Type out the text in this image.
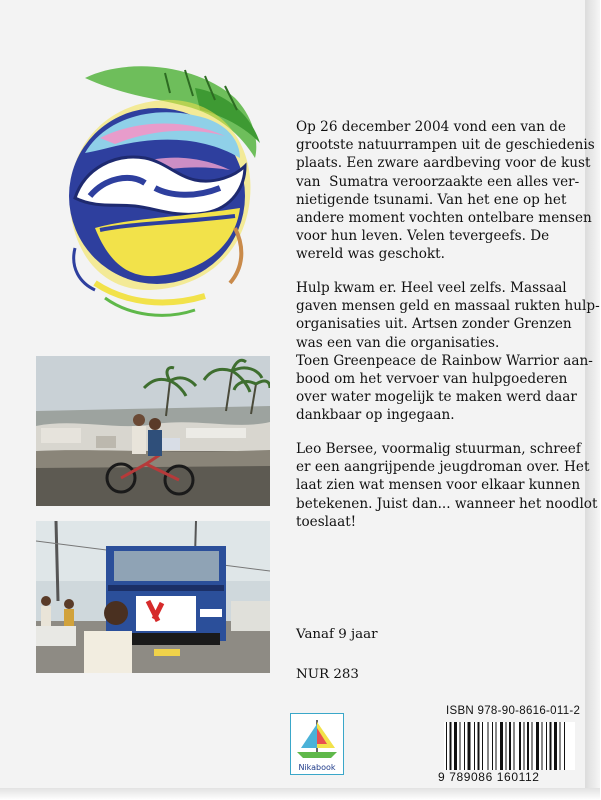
Op 26 december 2004 vond een van de
grootste natuurrampen uit de geschiedenis
plaats. Een zware aardbeving voor de kust
van  Sumatra veroorzaakte een alles ver-
nietigende tsunami. Van het ene op het
andere moment vochten ontelbare mensen
voor hun leven. Velen tevergeefs. De
wereld was geschokt.
Hulp kwam er. Heel veel zelfs. Massaal
gaven mensen geld en massaal rukten hulp-
organisaties uit. Artsen zonder Grenzen
was een van die organisaties.
Toen Greenpeace de Rainbow Warrior aan-
bood om het vervoer van hulpgoederen
over water mogelijk te maken werd daar
dankbaar op ingegaan.
Leo Bersee, voormalig stuurman, schreef
er een aangrijpende jeugdroman over. Het
laat zien wat mensen voor elkaar kunnen
betekenen. Juist dan... wanneer het noodlot
toeslaat!
Vanaf 9 jaar
NUR 283
Nikabook
ISBN 978-90-8616-011-2
9 789086 160112
